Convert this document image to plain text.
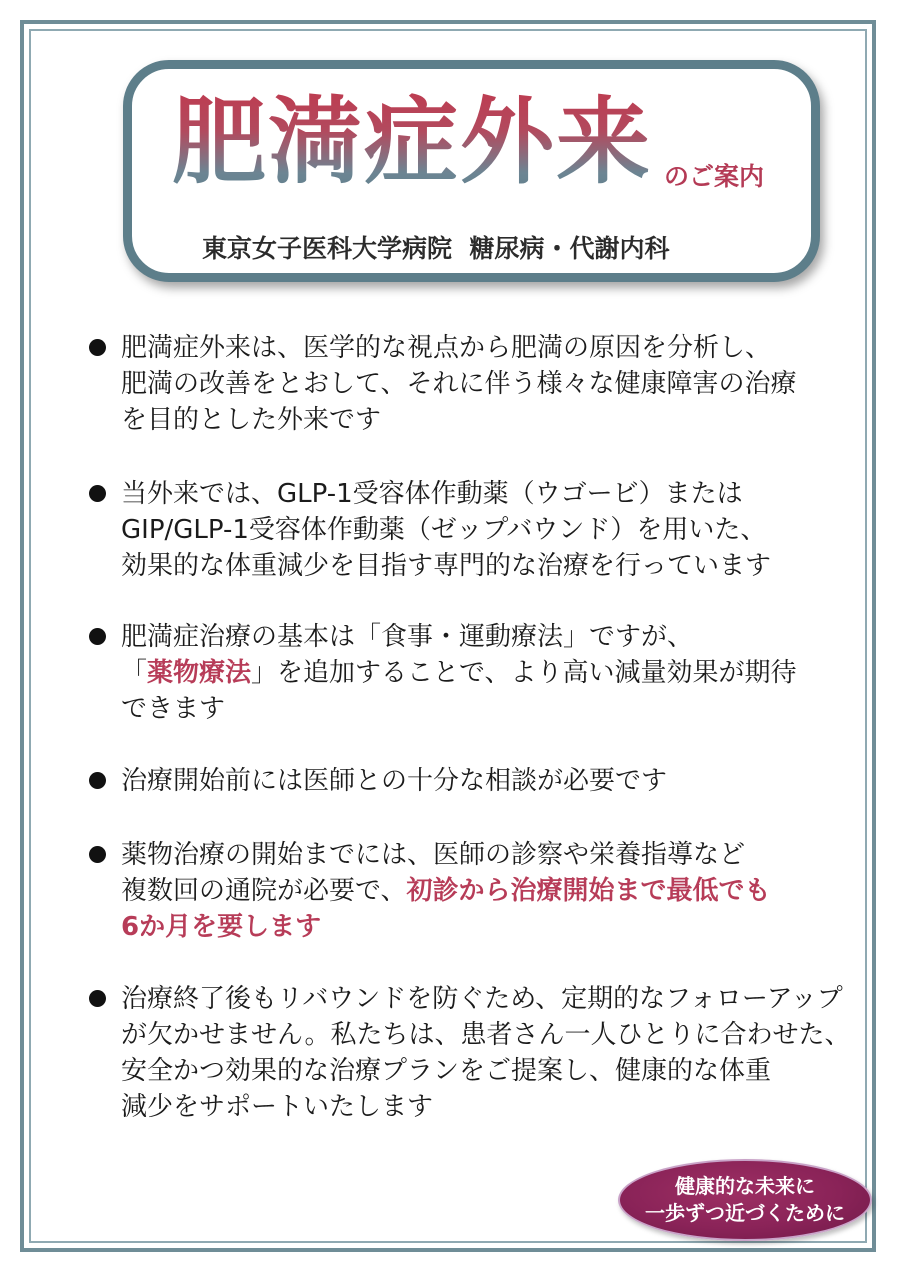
肥満症外来 のご案内
東京女子医科大学病院 糖尿病・代謝内科
肥満症外来は、医学的な視点から肥満の原因を分析し、
肥満の改善をとおして、それに伴う様々な健康障害の治療
を目的とした外来です
当外来では、GLP-1受容体作動薬（ウゴービ）または
GIP/GLP-1受容体作動薬（ゼップバウンド）を用いた、
効果的な体重減少を目指す専門的な治療を行っています
肥満症治療の基本は「食事・運動療法」ですが、
「薬物療法」を追加することで、より高い減量効果が期待
できます
治療開始前には医師との十分な相談が必要です
薬物治療の開始までには、医師の診察や栄養指導など
複数回の通院が必要で、初診から治療開始まで最低でも
6か月を要します
治療終了後もリバウンドを防ぐため、定期的なフォローアップ
が欠かせません。私たちは、患者さん一人ひとりに合わせた、
安全かつ効果的な治療プランをご提案し、健康的な体重
減少をサポートいたします
健康的な未来に
一歩ずつ近づくために
